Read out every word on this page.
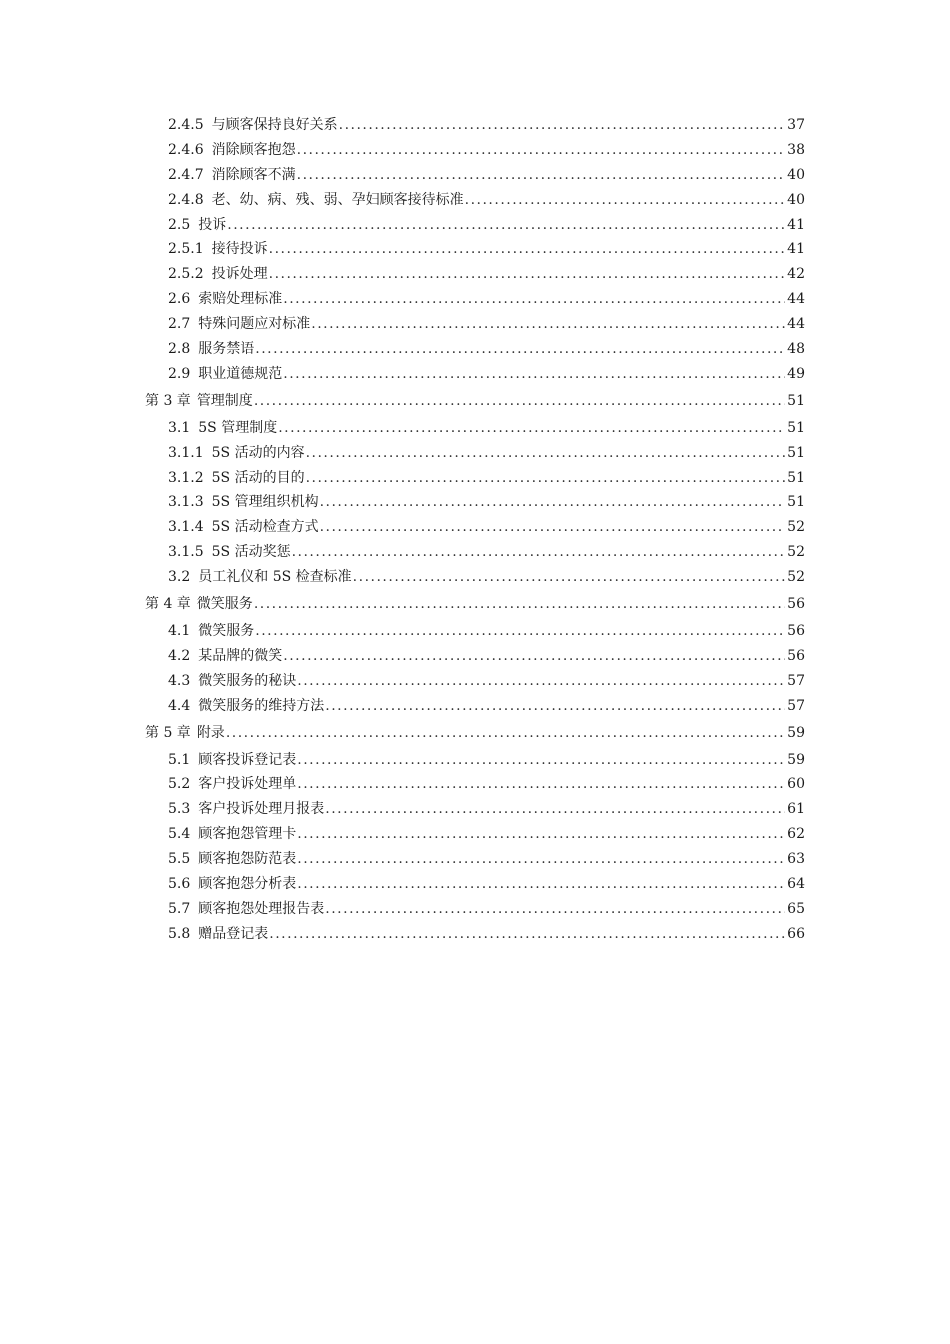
2.4.5 与顾客保持良好关系 .....	37
2.4.6 消除顾客抱怨 .....	38
2.4.7 消除顾客不满 .....	40
2.4.8 老、幼、病、残、弱、孕妇顾客接待标准 .....	40
2.5 投诉 .....	41
2.5.1 接待投诉 .....	41
2.5.2 投诉处理 .....	42
2.6 索赔处理标准 .....	44
2.7 特殊问题应对标准 .....	44
2.8 服务禁语 .....	48
2.9 职业道德规范 .....	49
第 3 章 管理制度 .....	51
3.1 5S 管理制度 .....	51
3.1.1 5S 活动的内容 .....	51
3.1.2 5S 活动的目的 .....	51
3.1.3 5S 管理组织机构 .....	51
3.1.4 5S 活动检查方式 .....	52
3.1.5 5S 活动奖惩 .....	52
3.2 员工礼仪和 5S 检查标准 .....	52
第 4 章 微笑服务 .....	56
4.1 微笑服务 .....	56
4.2 某品牌的微笑 .....	56
4.3 微笑服务的秘诀 .....	57
4.4 微笑服务的维持方法 .....	57
第 5 章 附录 .....	59
5.1 顾客投诉登记表 .....	59
5.2 客户投诉处理单 .....	60
5.3 客户投诉处理月报表 .....	61
5.4 顾客抱怨管理卡 .....	62
5.5 顾客抱怨防范表 .....	63
5.6 顾客抱怨分析表 .....	64
5.7 顾客抱怨处理报告表 .....	65
5.8 赠品登记表 .....	66
